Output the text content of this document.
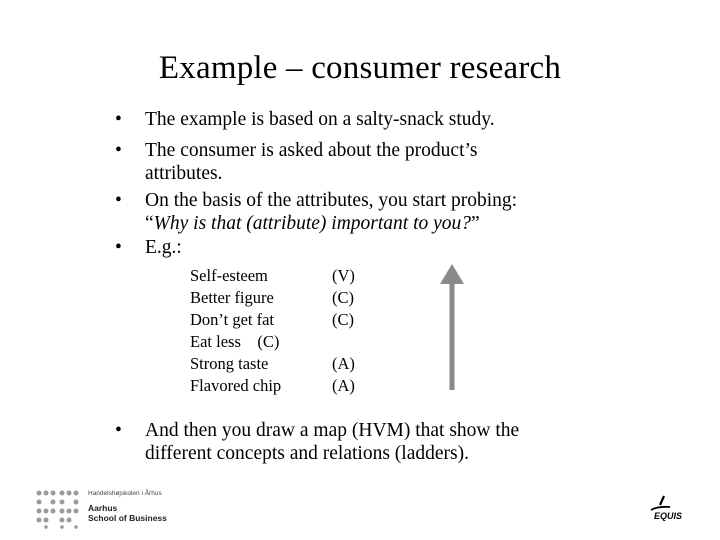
Example – consumer research
• The example is based on a salty-snack study.
• The consumer is asked about the product’s attributes.
• On the basis of the attributes, you start probing: “Why is that (attribute) important to you?”
• E.g.:
Self-esteem	(V)
Better figure	(C)
Don’t get fat	(C)
Eat less    (C)
Strong taste	(A)
Flavored chip	(A)
• And then you draw a map (HVM) that show the different concepts and relations (ladders).
Handelshøjskolen i Århus
Aarhus
School of Business	EQUIS
